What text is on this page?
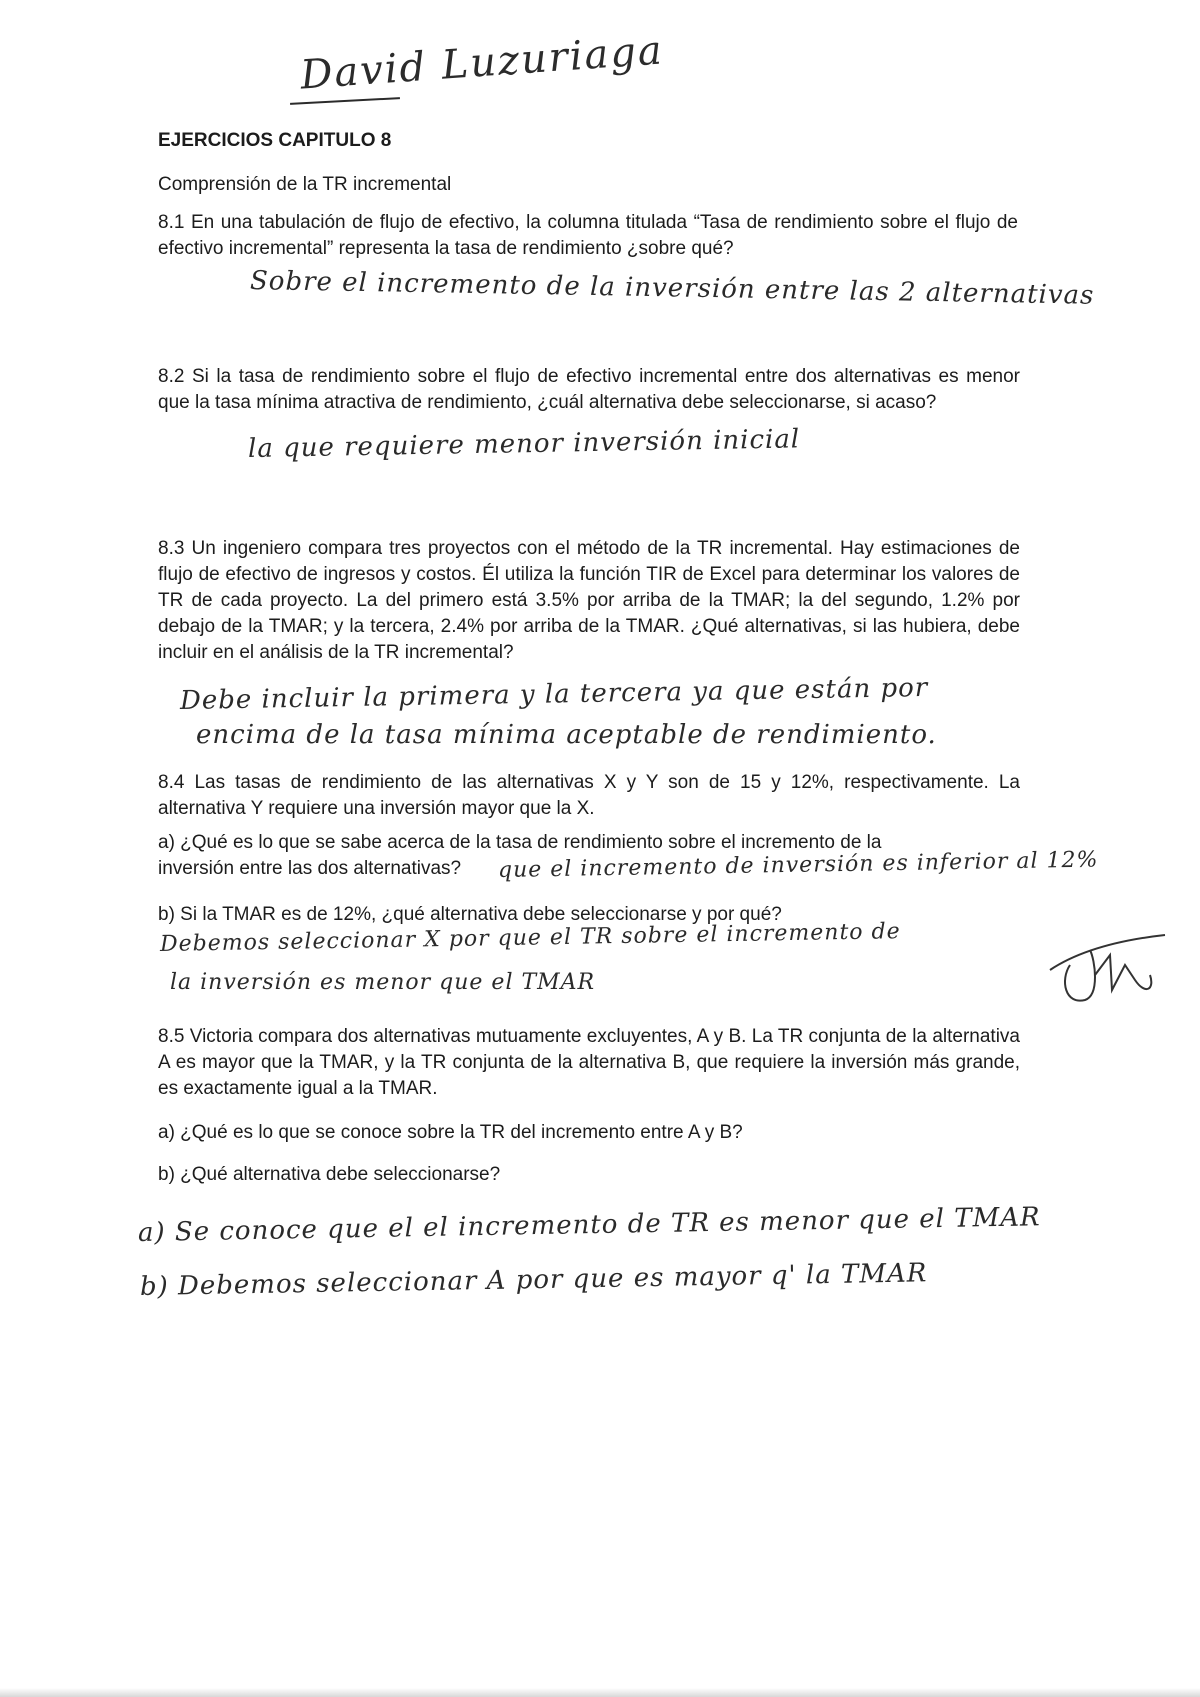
David Luzuriaga
EJERCICIOS CAPITULO 8
Comprensión de la TR incremental
8.1 En una tabulación de flujo de efectivo, la columna titulada “Tasa de rendimiento sobre el flujo de efectivo incremental” representa la tasa de rendimiento ¿sobre qué?
Sobre el incremento de la inversión entre las 2 alternativas
8.2 Si la tasa de rendimiento sobre el flujo de efectivo incremental entre dos alternativas es menor que la tasa mínima atractiva de rendimiento, ¿cuál alternativa debe seleccionarse, si acaso?
la que requiere menor inversión inicial
8.3 Un ingeniero compara tres proyectos con el método de la TR incremental. Hay estimaciones de flujo de efectivo de ingresos y costos. Él utiliza la función TIR de Excel para determinar los valores de TR de cada proyecto. La del primero está 3.5% por arriba de la TMAR; la del segundo, 1.2% por debajo de la TMAR; y la tercera, 2.4% por arriba de la TMAR. ¿Qué alternativas, si las hubiera, debe incluir en el análisis de la TR incremental?
Debe incluir la primera y la tercera ya que están por
encima de la tasa mínima aceptable de rendimiento.
8.4 Las tasas de rendimiento de las alternativas X y Y son de 15 y 12%, respectivamente. La alternativa Y requiere una inversión mayor que la X.
a) ¿Qué es lo que se sabe acerca de la tasa de rendimiento sobre el incremento de la inversión entre las dos alternativas?	que el incremento de inversión es inferior al 12%
b) Si la TMAR es de 12%, ¿qué alternativa debe seleccionarse y por qué?
Debemos seleccionar X por que el TR sobre el incremento de
la inversión es menor que el TMAR
8.5 Victoria compara dos alternativas mutuamente excluyentes, A y B. La TR conjunta de la alternativa A es mayor que la TMAR, y la TR conjunta de la alternativa B, que requiere la inversión más grande, es exactamente igual a la TMAR.
a) ¿Qué es lo que se conoce sobre la TR del incremento entre A y B?
b) ¿Qué alternativa debe seleccionarse?
a) Se conoce que el el incremento de TR es menor que el TMAR
b) Debemos seleccionar A por que es mayor q' la TMAR
